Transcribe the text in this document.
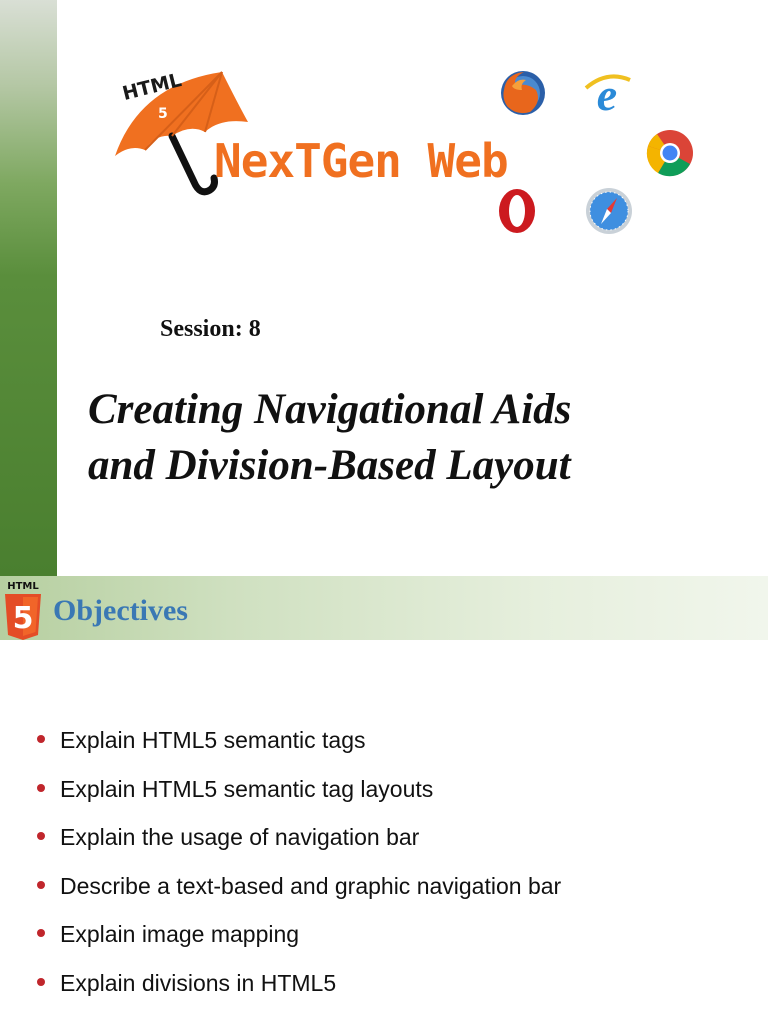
HTML
5
NexTGen Web
e
Session: 8
Creating Navigational Aids
and Division-Based Layout
HTML
5 Objectives
Explain HTML5 semantic tags
Explain HTML5 semantic tag layouts
Explain the usage of navigation bar
Describe a text-based and graphic navigation bar
Explain image mapping
Explain divisions in HTML5
